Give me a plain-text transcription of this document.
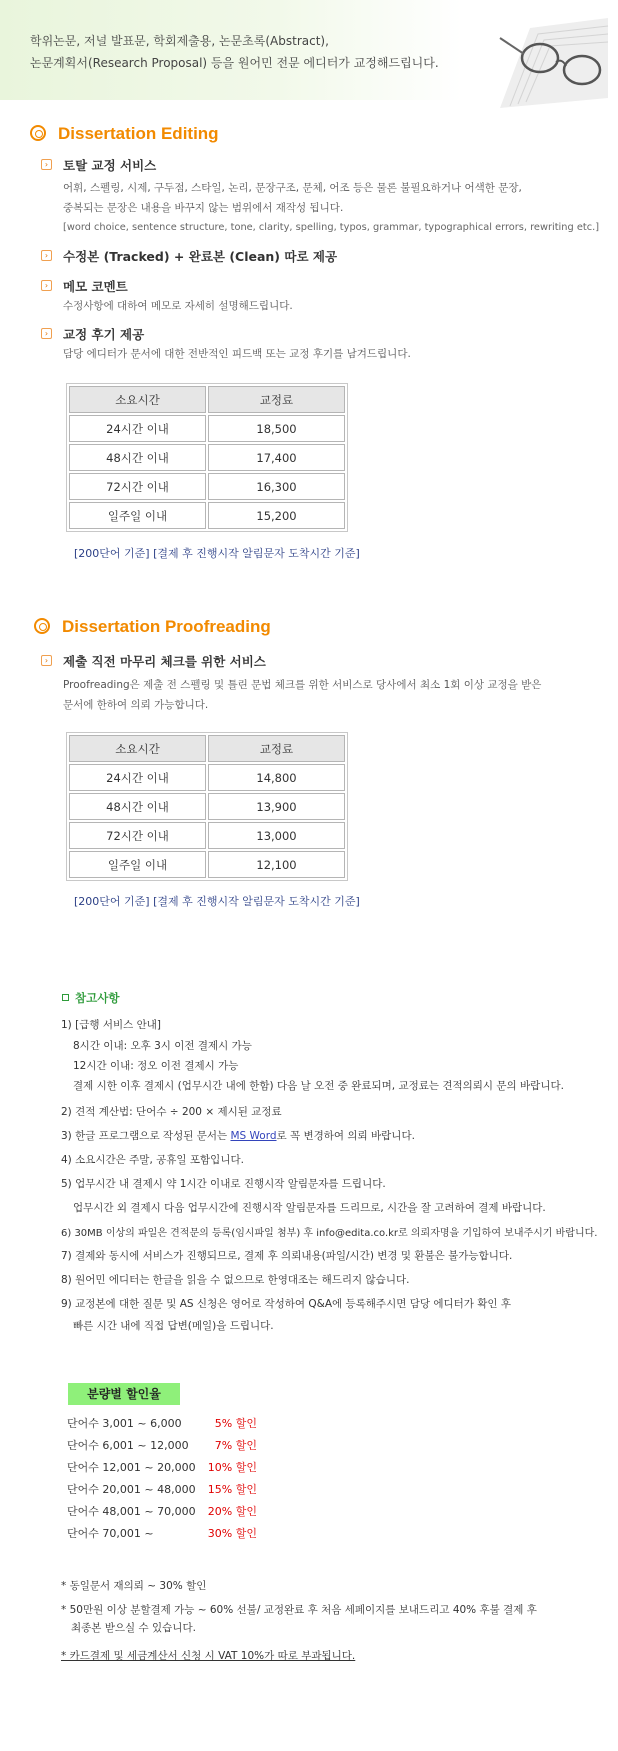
학위논문, 저널 발표문, 학회제출용, 논문초록(Abstract),
논문계획서(Research Proposal) 등을 원어민 전문 에디터가 교정해드립니다.
Dissertation Editing
›	토탈 교정 서비스
어휘, 스펠링, 시제, 구두점, 스타일, 논리, 문장구조, 문체, 어조 등은 물론 불필요하거나 어색한 문장,
중복되는 문장은 내용을 바꾸지 않는 범위에서 재작성 됩니다.
[word choice, sentence structure, tone, clarity, spelling, typos, grammar, typographical errors, rewriting etc.]
›	수정본 (Tracked) + 완료본 (Clean) 따로 제공
›	메모 코멘트
수정사항에 대하여 메모로 자세히 설명해드립니다.
›	교정 후기 제공
담당 에디터가 문서에 대한 전반적인 피드백 또는 교정 후기를 남겨드립니다.
소요시간	교정료
24시간 이내	18,500
48시간 이내	17,400
72시간 이내	16,300
일주일 이내	15,200
[200단어 기준] [결제 후 진행시작 알림문자 도착시간 기준]
Dissertation Proofreading
›	제출 직전 마무리 체크를 위한 서비스
Proofreading은 제출 전 스펠링 및 틀린 문법 체크를 위한 서비스로 당사에서 최소 1회 이상 교정을 받은
문서에 한하여 의뢰 가능합니다.
소요시간	교정료
24시간 이내	14,800
48시간 이내	13,900
72시간 이내	13,000
일주일 이내	12,100
[200단어 기준] [결제 후 진행시작 알림문자 도착시간 기준]
참고사항
1) [급행 서비스 안내]
8시간 이내: 오후 3시 이전 결제시 가능
12시간 이내: 정오 이전 결제시 가능
결제 시한 이후 결제시 (업무시간 내에 한함) 다음 날 오전 중 완료되며, 교정료는 견적의뢰시 문의 바랍니다.
2) 견적 계산법: 단어수 ÷ 200 × 제시된 교정료
3) 한글 프로그램으로 작성된 문서는 MS Word로 꼭 변경하여 의뢰 바랍니다.
4) 소요시간은 주말, 공휴일 포함입니다.
5) 업무시간 내 결제시 약 1시간 이내로 진행시작 알림문자를 드립니다.
업무시간 외 결제시 다음 업무시간에 진행시작 알림문자를 드리므로, 시간을 잘 고려하여 결제 바랍니다.
6) 30MB 이상의 파일은 견적문의 등록(임시파일 첨부) 후 info@edita.co.kr로 의뢰자명을 기입하여 보내주시기 바랍니다.
7) 결제와 동시에 서비스가 진행되므로, 결제 후 의뢰내용(파일/시간) 변경 및 환불은 불가능합니다.
8) 원어민 에디터는 한글을 읽을 수 없으므로 한영대조는 해드리지 않습니다.
9) 교정본에 대한 질문 및 AS 신청은 영어로 작성하여 Q&A에 등록해주시면 담당 에디터가 확인 후
빠른 시간 내에 직접 답변(메일)을 드립니다.
분량별 할인율
단어수 3,001 ~ 6,000	5% 할인
단어수 6,001 ~ 12,000 7% 할인
단어수 12,001 ~ 20,000 10% 할인
단어수 20,001 ~ 48,000 15% 할인
단어수 48,001 ~ 70,000 20% 할인
단어수 70,001 ~	30% 할인
* 동일문서 재의뢰 ~ 30% 할인
* 50만원 이상 분할결제 가능 ~ 60% 선불/ 교정완료 후 처음 세페이지를 보내드리고 40% 후불 결제 후
최종본 받으실 수 있습니다.
* 카드결제 및 세금계산서 신청 시 VAT 10%가 따로 부과됩니다.
